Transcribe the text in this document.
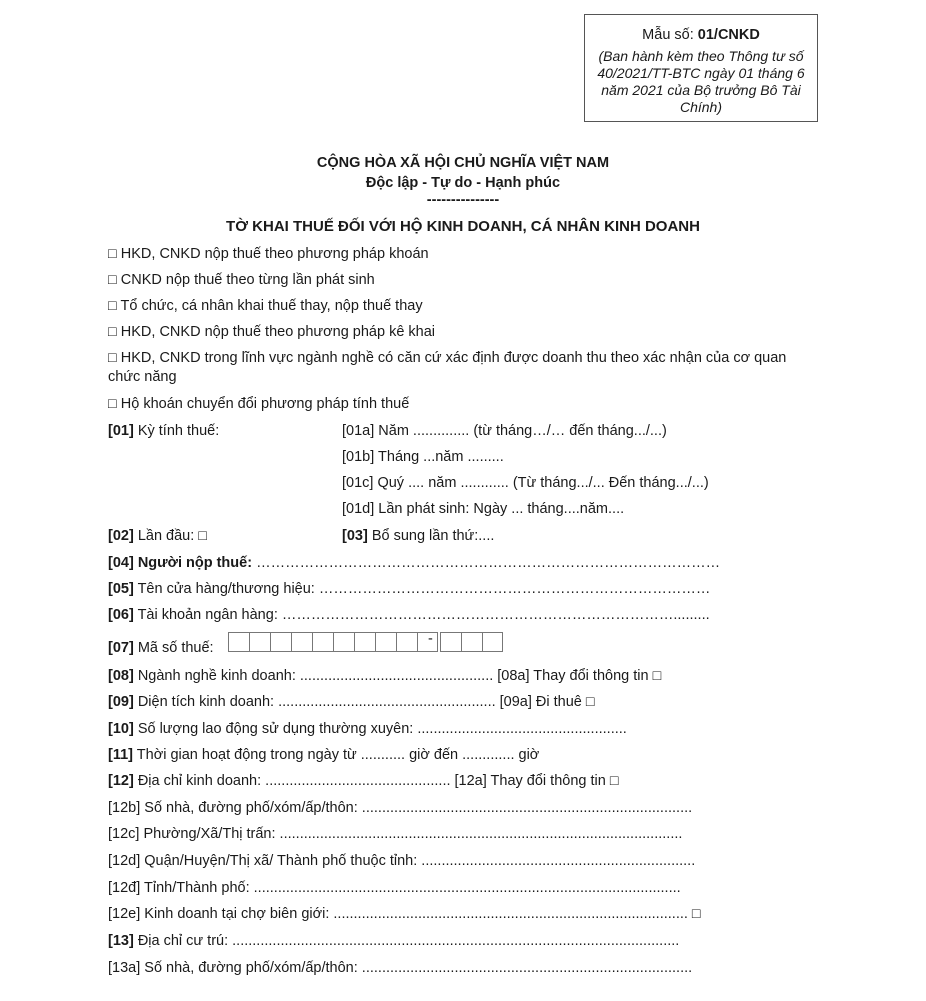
Mẫu số: 01/CNKD
(Ban hành kèm theo Thông tư số 40/2021/TT-BTC ngày 01 tháng 6 năm 2021 của Bộ trưởng Bô Tài Chính)
CỘNG HÒA XÃ HỘI CHỦ NGHĨA VIỆT NAM
Độc lập - Tự do - Hạnh phúc
---------------
TỜ KHAI THUẾ ĐỐI VỚI HỘ KINH DOANH, CÁ NHÂN KINH DOANH
□ HKD, CNKD nộp thuế theo phương pháp khoán
□ CNKD nộp thuế theo từng lần phát sinh
□ Tổ chức, cá nhân khai thuế thay, nộp thuế thay
□ HKD, CNKD nộp thuế theo phương pháp kê khai
□ HKD, CNKD trong lĩnh vực ngành nghề có căn cứ xác định được doanh thu theo xác nhận của cơ quan
chức năng
□ Hộ khoán chuyển đổi phương pháp tính thuế
[01] Kỳ tính thuế:	[01a] Năm .............. (từ tháng…/… đến tháng.../...)
[01b] Tháng ...năm .........
[01c] Quý .... năm ............ (Từ tháng.../... Đến tháng.../...)
[01d] Lần phát sinh: Ngày ... tháng....năm....
[02] Lần đầu: □	[03] Bổ sung lần thứ:....
[04] Người nộp thuế: ……………………………………………………………………………………
[05] Tên cửa hàng/thương hiệu: ………………………………………………………………………
[06] Tài khoản ngân hàng: ……………………………………………………………………….........
[07] Mã số thuế:
-
[08] Ngành nghề kinh doanh: ................................................ [08a] Thay đổi thông tin □
[09] Diện tích kinh doanh: ...................................................... [09a] Đi thuê □
[10] Số lượng lao động sử dụng thường xuyên: ....................................................
[11] Thời gian hoạt động trong ngày từ ........... giờ đến ............. giờ
[12] Địa chỉ kinh doanh: .............................................. [12a] Thay đổi thông tin □
[12b] Số nhà, đường phố/xóm/ấp/thôn: ..................................................................................
[12c] Phường/Xã/Thị trấn: ....................................................................................................
[12d] Quận/Huyện/Thị xã/ Thành phố thuộc tỉnh: ....................................................................
[12đ] Tỉnh/Thành phố: ..........................................................................................................
[12e] Kinh doanh tại chợ biên giới: ........................................................................................ □
[13] Địa chỉ cư trú: ...............................................................................................................
[13a] Số nhà, đường phố/xóm/ấp/thôn: ..................................................................................
